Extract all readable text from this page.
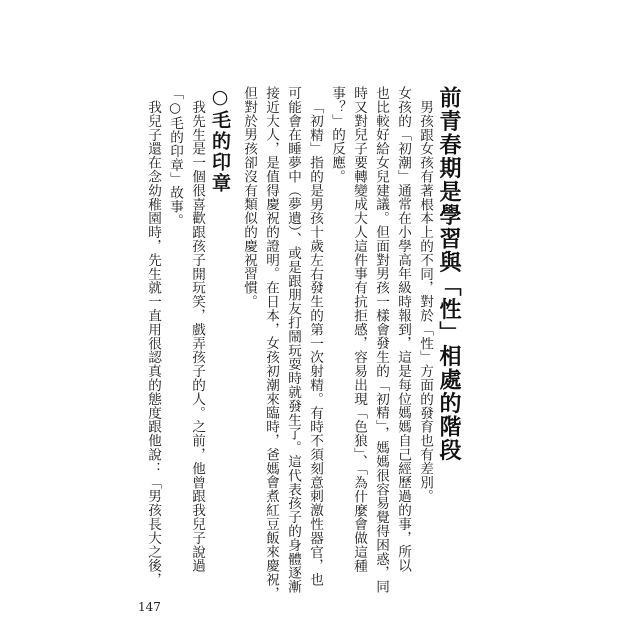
前青春期是學習與「性」相處的階段
男孩跟女孩有著根本上的不同，對於「性」方面的發育也有差別。
女孩的「初潮」通常在小學高年級時報到，這是每位媽媽自己經歷過的事，所以
也比較好給女兒建議。但面對男孩一樣會發生的「初精」，媽媽很容易覺得困惑，同
時又對兒子要轉變成大人這件事有抗拒感，容易出現「色狼」、「為什麼會做這種
事？」的反應。
「初精」指的是男孩十歲左右發生的第一次射精。有時不須刻意刺激性器官，也
可能會在睡夢中（夢遺）、或是跟朋友打鬧玩耍時就發生了。這代表孩子的身體逐漸
接近大人，是值得慶祝的證明。在日本，女孩初潮來臨時，爸媽會煮紅豆飯來慶祝，
但對於男孩卻沒有類似的慶祝習慣。
○毛的印章
我先生是一個很喜歡跟孩子開玩笑，戲弄孩子的人。之前，他曾跟我兒子說過
「○毛的印章」故事。
我兒子還在念幼稚園時，先生就一直用很認真的態度跟他說：「男孩長大之後，
147
